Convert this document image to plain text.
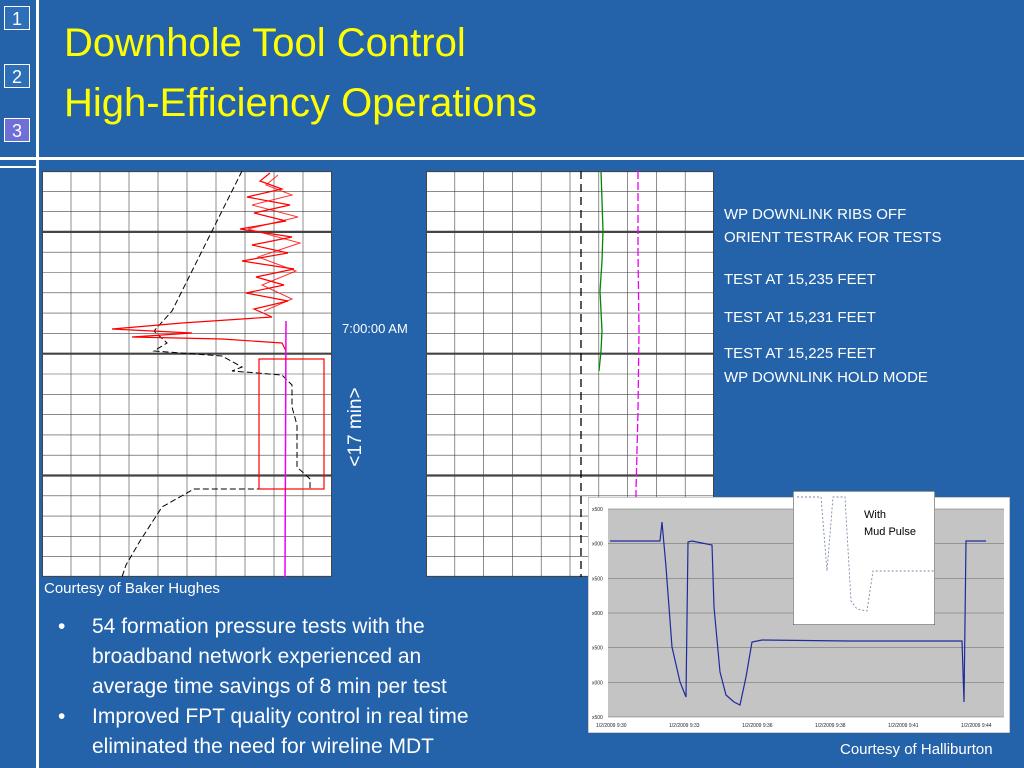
1
2
3
Downhole Tool Control
High-Efficiency Operations
Courtesy of Baker Hughes
7:00:00 AM
<17 min>
WP DOWNLINK RIBS OFF
ORIENT TESTRAK FOR TESTS
TEST AT 15,235 FEET
TEST AT 15,231 FEET
TEST AT 15,225 FEET
WP DOWNLINK HOLD MODE
x500
x000
x500
x000
x500
x000
x500
1/2/2009 9:30	1/2/2009 9:33	1/2/2009 9:36	1/2/2009 9:38	1/2/2009 9:41	1/2/2009 9:44
With
Mud Pulse
Courtesy of Halliburton
• 54 formation pressure tests with the
broadband network experienced an
average time savings of 8 min per test
• Improved FPT quality control in real time
eliminated the need for wireline MDT
